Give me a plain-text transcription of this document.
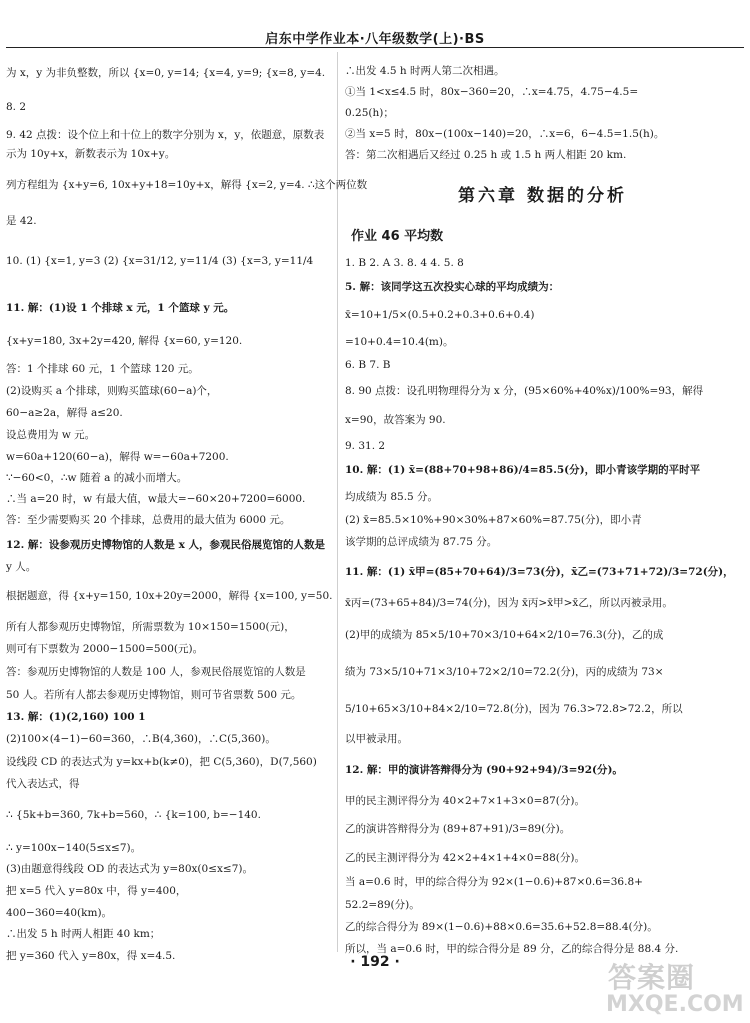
启东中学作业本·八年级数学(上)·BS
为 x，y 为非负整数，所以 {x=0, y=14; {x=4, y=9; {x=8, y=4.
8. 2
9. 42 点拨：设个位上和十位上的数字分别为 x，y，依题意，原数表
示为 10y+x，新数表示为 10x+y。
列方程组为 {x+y=6, 10x+y+18=10y+x，解得 {x=2, y=4. ∴这个两位数
是 42.
10. (1) {x=1, y=3 (2) {x=31/12, y=11/4 (3) {x=3, y=11/4
11. 解：(1)设 1 个排球 x 元，1 个篮球 y 元。
{x+y=180, 3x+2y=420, 解得 {x=60, y=120.
答：1 个排球 60 元，1 个篮球 120 元。
(2)设购买 a 个排球，则购买篮球(60−a)个，
60−a≥2a，解得 a≤20.
设总费用为 w 元。
w=60a+120(60−a)，解得 w=−60a+7200.
∵−60<0，∴w 随着 a 的减小而增大。
∴当 a=20 时，w 有最大值，w最大=−60×20+7200=6000.
答：至少需要购买 20 个排球，总费用的最大值为 6000 元。
12. 解：设参观历史博物馆的人数是 x 人，参观民俗展览馆的人数是
y 人。
根据题意，得 {x+y=150, 10x+20y=2000，解得 {x=100, y=50.
所有人都参观历史博物馆，所需票数为 10×150=1500(元)，
则可有下票数为 2000−1500=500(元)。
答：参观历史博物馆的人数是 100 人，参观民俗展览馆的人数是
50 人。若所有人都去参观历史博物馆，则可节省票数 500 元。
13. 解：(1)(2,160) 100 1
(2)100×(4−1)−60=360，∴B(4,360)，∴C(5,360)。
设线段 CD 的表达式为 y=kx+b(k≠0)，把 C(5,360)，D(7,560)
代入表达式，得
∴ {5k+b=360, 7k+b=560，∴ {k=100, b=−140.
∴ y=100x−140(5≤x≤7)。
(3)由题意得线段 OD 的表达式为 y=80x(0≤x≤7)。
把 x=5 代入 y=80x 中，得 y=400，
400−360=40(km)。
∴出发 5 h 时两人相距 40 km；
把 y=360 代入 y=80x，得 x=4.5.
∴出发 4.5 h 时两人第二次相遇。
①当 1<x≤4.5 时，80x−360=20，∴x=4.75，4.75−4.5=
0.25(h)；
②当 x=5 时，80x−(100x−140)=20，∴x=6，6−4.5=1.5(h)。
答：第二次相遇后又经过 0.25 h 或 1.5 h 两人相距 20 km.
第六章 数据的分析
作业 46 平均数
1. B 2. A 3. 8. 4 4. 5. 8
5. 解：该同学这五次投实心球的平均成绩为：
x̄=10+1/5×(0.5+0.2+0.3+0.6+0.4)
=10+0.4=10.4(m)。
6. B 7. B
8. 90 点拨：设孔明物理得分为 x 分，(95×60%+40%x)/100%=93，解得
x=90，故答案为 90.
9. 31. 2
10. 解：(1) x̄=(88+70+98+86)/4=85.5(分)，即小青该学期的平时平
均成绩为 85.5 分。
(2) x̄=85.5×10%+90×30%+87×60%=87.75(分)，即小青
该学期的总评成绩为 87.75 分。
11. 解：(1) x̄甲=(85+70+64)/3=73(分)，x̄乙=(73+71+72)/3=72(分)，
x̄丙=(73+65+84)/3=74(分)，因为 x̄丙>x̄甲>x̄乙，所以丙被录用。
(2)甲的成绩为 85×5/10+70×3/10+64×2/10=76.3(分)，乙的成
绩为 73×5/10+71×3/10+72×2/10=72.2(分)，丙的成绩为 73×
5/10+65×3/10+84×2/10=72.8(分)，因为 76.3>72.8>72.2，所以
以甲被录用。
12. 解：甲的演讲答辩得分为 (90+92+94)/3=92(分)。
甲的民主测评得分为 40×2+7×1+3×0=87(分)。
乙的演讲答辩得分为 (89+87+91)/3=89(分)。
乙的民主测评得分为 42×2+4×1+4×0=88(分)。
当 a=0.6 时，甲的综合得分为 92×(1−0.6)+87×0.6=36.8+
52.2=89(分)。
乙的综合得分为 89×(1−0.6)+88×0.6=35.6+52.8=88.4(分)。
所以，当 a=0.6 时，甲的综合得分是 89 分，乙的综合得分是 88.4 分.
· 192 ·	答案圈
MXQE.COM
